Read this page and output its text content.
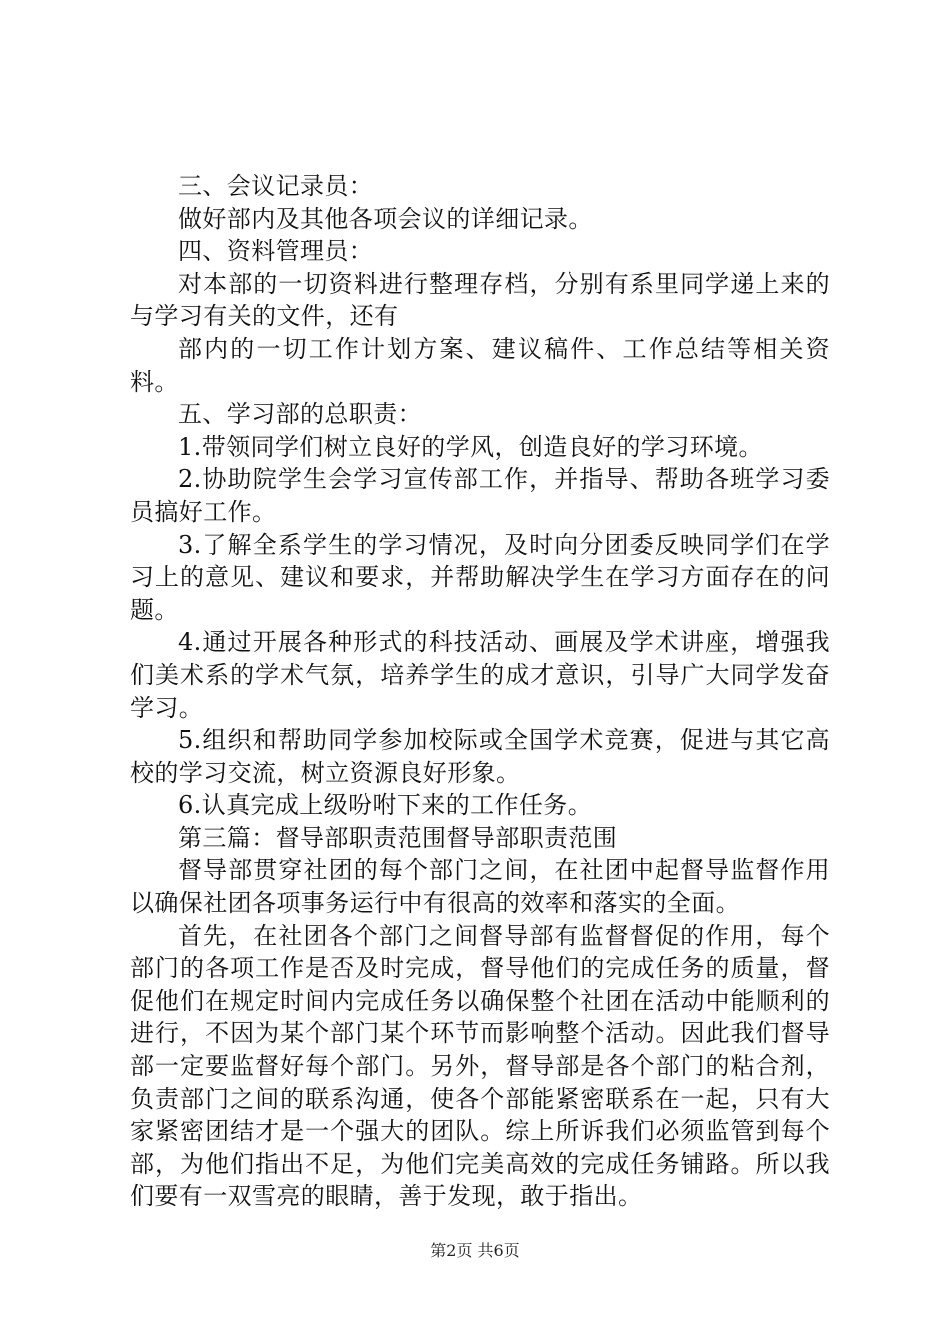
三、会议记录员：

做好部内及其他各项会议的详细记录。

四、资料管理员：

对本部的一切资料进行整理存档，分别有系里同学递上来的与学习有关的文件，还有

部内的一切工作计划方案、建议稿件、工作总结等相关资料。

五、学习部的总职责：

1.带领同学们树立良好的学风，创造良好的学习环境。

2.协助院学生会学习宣传部工作，并指导、帮助各班学习委员搞好工作。

3.了解全系学生的学习情况，及时向分团委反映同学们在学习上的意见、建议和要求，并帮助解决学生在学习方面存在的问题。

4.通过开展各种形式的科技活动、画展及学术讲座，增强我们美术系的学术气氛，培养学生的成才意识，引导广大同学发奋学习。

5.组织和帮助同学参加校际或全国学术竞赛，促进与其它高校的学习交流，树立资源良好形象。

6.认真完成上级吩咐下来的工作任务。

第三篇：督导部职责范围督导部职责范围

督导部贯穿社团的每个部门之间，在社团中起督导监督作用以确保社团各项事务运行中有很高的效率和落实的全面。

首先，在社团各个部门之间督导部有监督督促的作用，每个部门的各项工作是否及时完成，督导他们的完成任务的质量，督促他们在规定时间内完成任务以确保整个社团在活动中能顺利的进行，不因为某个部门某个环节而影响整个活动。因此我们督导部一定要监督好每个部门。另外，督导部是各个部门的粘合剂，负责部门之间的联系沟通，使各个部能紧密联系在一起，只有大家紧密团结才是一个强大的团队。综上所诉我们必须监管到每个部，为他们指出不足，为他们完美高效的完成任务铺路。所以我们要有一双雪亮的眼睛，善于发现，敢于指出。

第2页 共6页
